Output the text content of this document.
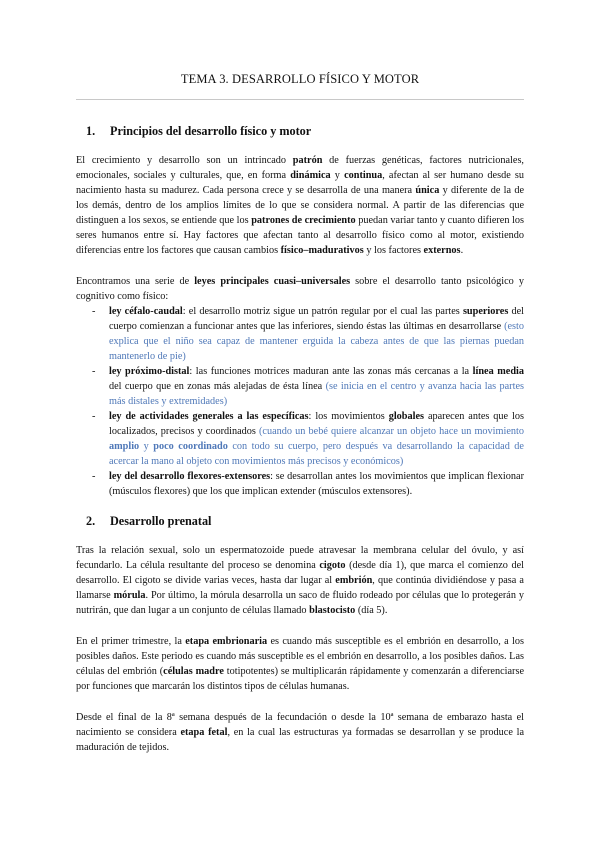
TEMA 3. DESARROLLO FÍSICO Y MOTOR
1. Principios del desarrollo físico y motor

El crecimiento y desarrollo son un intrincado patrón de fuerzas genéticas, factores nutricionales, emocionales, sociales y culturales, que, en forma dinámica y continua, afectan al ser humano desde su nacimiento hasta su madurez. Cada persona crece y se desarrolla de una manera única y diferente de la de los demás, dentro de los amplios límites de lo que se considera normal. A partir de las diferencias que distinguen a los sexos, se entiende que los patrones de crecimiento puedan variar tanto y cuanto difieren los seres humanos entre sí. Hay factores que afectan tanto al desarrollo físico como al motor, existiendo diferencias entre los factores que causan cambios físico–madurativos y los factores externos.

Encontramos una serie de leyes principales cuasi–universales sobre el desarrollo tanto psicológico y cognitivo como físico:

- ley céfalo-caudal: el desarrollo motriz sigue un patrón regular por el cual las partes superiores del cuerpo comienzan a funcionar antes que las inferiores, siendo éstas las últimas en desarrollarse (esto explica que el niño sea capaz de mantener erguida la cabeza antes de que las piernas puedan mantenerlo de pie)
- ley próximo-distal: las funciones motrices maduran ante las zonas más cercanas a la línea media del cuerpo que en zonas más alejadas de ésta línea (se inicia en el centro y avanza hacia las partes más distales y extremidades)
- ley de actividades generales a las específicas: los movimientos globales aparecen antes que los localizados, precisos y coordinados (cuando un bebé quiere alcanzar un objeto hace un movimiento amplio y poco coordinado con todo su cuerpo, pero después va desarrollando la capacidad de acercar la mano al objeto con movimientos más precisos y económicos)
- ley del desarrollo flexores-extensores: se desarrollan antes los movimientos que implican flexionar (músculos flexores) que los que implican extender (músculos extensores).
2. Desarrollo prenatal

Tras la relación sexual, solo un espermatozoide puede atravesar la membrana celular del óvulo, y así fecundarlo. La célula resultante del proceso se denomina cigoto (desde día 1), que marca el comienzo del desarrollo. El cigoto se divide varias veces, hasta dar lugar al embrión, que continúa dividiéndose y pasa a llamarse mórula. Por último, la mórula desarrolla un saco de fluido rodeado por células que lo protegerán y nutrirán, que dan lugar a un conjunto de células llamado blastocisto (día 5).

En el primer trimestre, la etapa embrionaria es cuando más susceptible es el embrión en desarrollo, a los posibles daños. Este periodo es cuando más susceptible es el embrión en desarrollo, a los posibles daños. Las células del embrión (células madre totipotentes) se multiplicarán rápidamente y comenzarán a diferenciarse por funciones que marcarán los distintos tipos de células humanas.

Desde el final de la 8ª semana después de la fecundación o desde la 10ª semana de embarazo hasta el nacimiento se considera etapa fetal, en la cual las estructuras ya formadas se desarrollan y se produce la maduración de tejidos.
